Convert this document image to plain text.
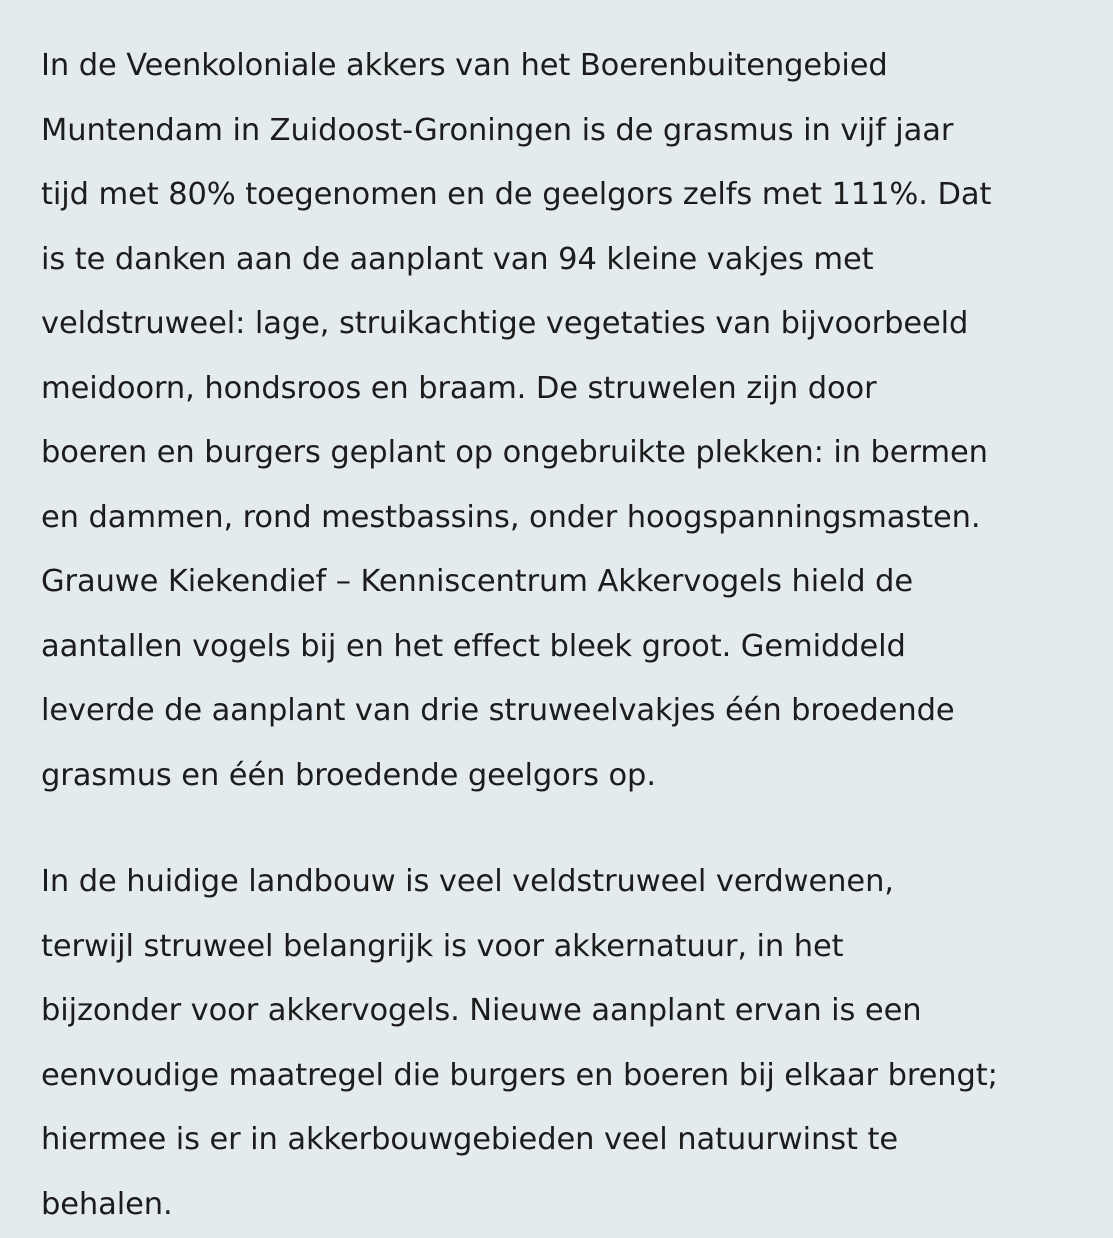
In de Veenkoloniale akkers van het Boerenbuitengebied
Muntendam in Zuidoost-Groningen is de grasmus in vijf jaar
tijd met 80% toegenomen en de geelgors zelfs met 111%. Dat
is te danken aan de aanplant van 94 kleine vakjes met
veldstruweel: lage, struikachtige vegetaties van bijvoorbeeld
meidoorn, hondsroos en braam. De struwelen zijn door
boeren en burgers geplant op ongebruikte plekken: in bermen
en dammen, rond mestbassins, onder hoogspanningsmasten.
Grauwe Kiekendief – Kenniscentrum Akkervogels hield de
aantallen vogels bij en het effect bleek groot. Gemiddeld
leverde de aanplant van drie struweelvakjes één broedende
grasmus en één broedende geelgors op.

In de huidige landbouw is veel veldstruweel verdwenen,
terwijl struweel belangrijk is voor akkernatuur, in het
bijzonder voor akkervogels. Nieuwe aanplant ervan is een
eenvoudige maatregel die burgers en boeren bij elkaar brengt;
hiermee is er in akkerbouwgebieden veel natuurwinst te
behalen.
